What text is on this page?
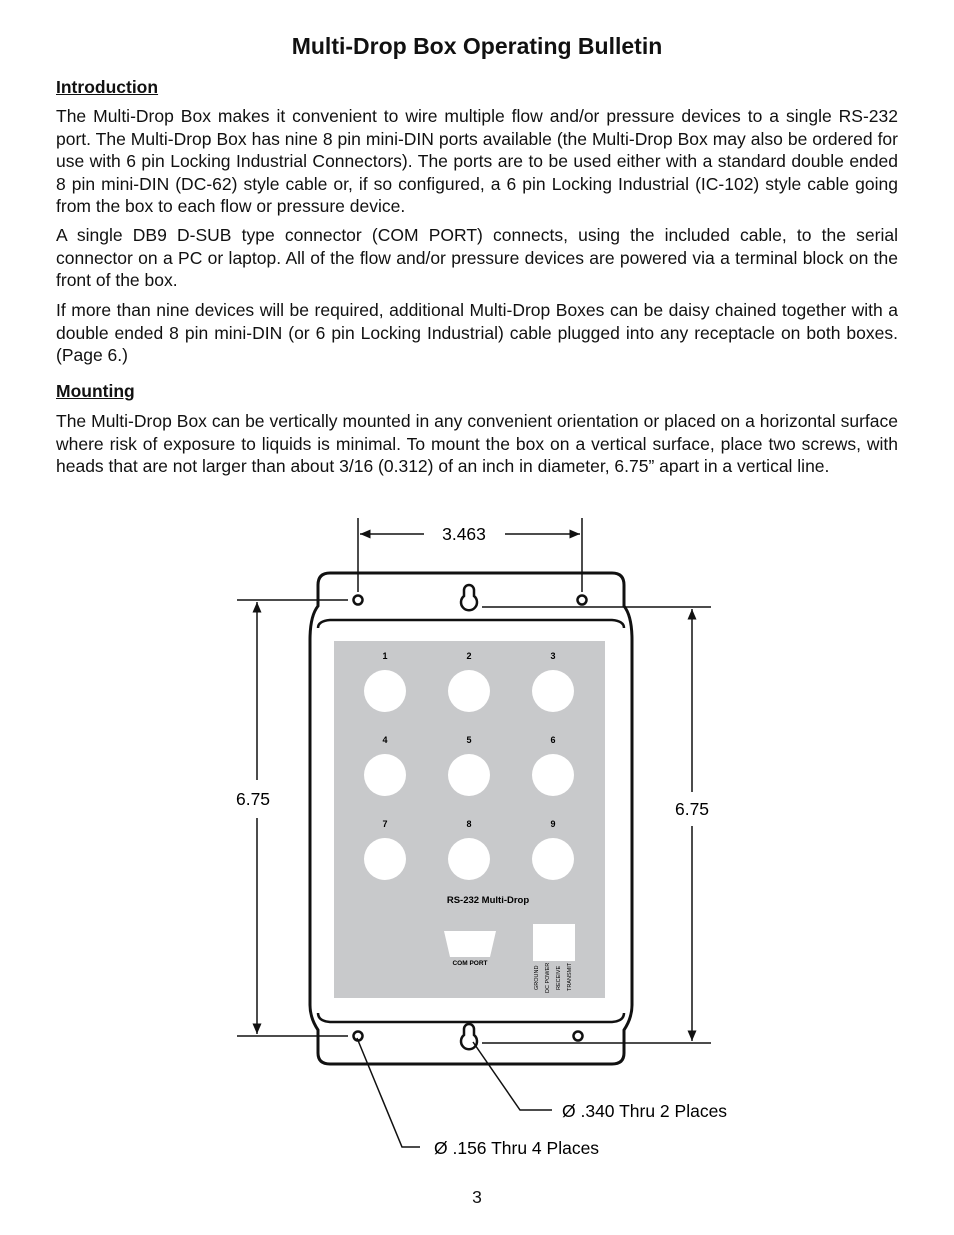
Multi-Drop Box Operating Bulletin
Introduction

The Multi-Drop Box makes it convenient to wire multiple flow and/or pressure devices to a single RS-232 port. The Multi-Drop Box has nine 8 pin mini-DIN ports available (the Multi-Drop Box may also be ordered for use with 6 pin Locking Industrial Connectors). The ports are to be used either with a standard double ended 8 pin mini-DIN (DC-62) style cable or, if so configured, a 6 pin Locking Industrial (IC-102) style cable going from the box to each flow or pressure device.

A single DB9 D-SUB type connector (COM PORT) connects, using the included cable, to the serial connector on a PC or laptop. All of the flow and/or pressure devices are powered via a terminal block on the front of the box.

If more than nine devices will be required, additional Multi-Drop Boxes can be daisy chained together with a double ended 8 pin mini-DIN (or 6 pin Locking Industrial) cable plugged into any receptacle on both boxes. (Page 6.)

Mounting

The Multi-Drop Box can be vertically mounted in any convenient orientation or placed on a horizontal surface where risk of exposure to liquids is minimal. To mount the box on a vertical surface, place two screws, with heads that are not larger than about 3/16 (0.312) of an inch in diameter, 6.75” apart in a vertical line.

1	2	3
4	5	6
7	8	9
RS-232 Multi-Drop
COM PORT
GROUND DC POWER RECEIVE TRANSMIT
3.463
6.75	6.75
Ø .340 Thru 2 Places
Ø .156 Thru 4 Places
3
